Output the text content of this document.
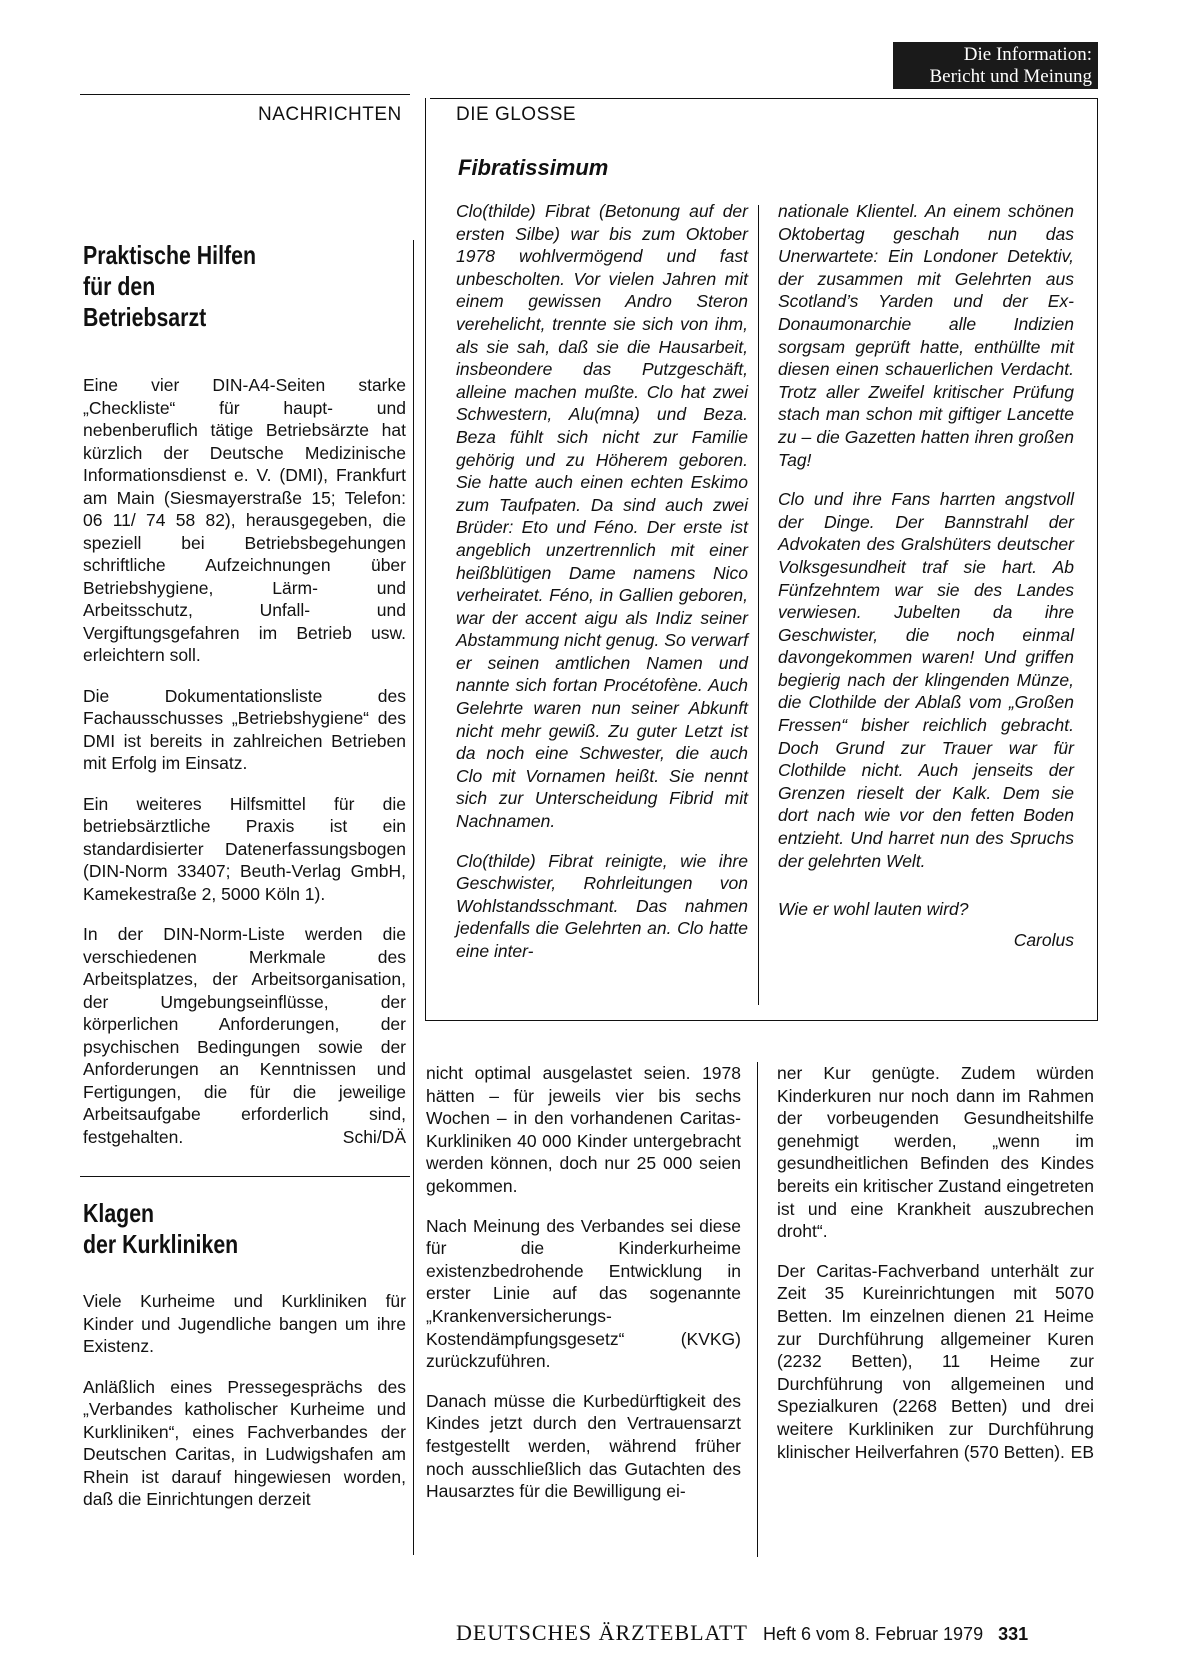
Die Information:
Bericht und Meinung
NACHRICHTEN	DIE GLOSSE
Praktische Hilfen
für den
Betriebsarzt

Eine vier DIN-A4-Seiten starke „Checkliste“ für haupt- und nebenberuflich tätige Betriebsärzte hat kürzlich der Deutsche Medizinische Informationsdienst e. V. (DMI), Frankfurt am Main (Siesmayerstraße 15; Telefon: 06 11/ 74 58 82), herausgegeben, die speziell bei Betriebsbegehungen schriftliche Aufzeichnungen über Betriebshygiene, Lärm- und Arbeitsschutz, Unfall- und Vergiftungsgefahren im Betrieb usw. erleichtern soll.

Die Dokumentationsliste des Fachausschusses „Betriebshygiene“ des DMI ist bereits in zahlreichen Betrieben mit Erfolg im Einsatz.

Ein weiteres Hilfsmittel für die betriebsärztliche Praxis ist ein standardisierter Datenerfassungsbogen (DIN-Norm 33407; Beuth-Verlag GmbH, Kamekestraße 2, 5000 Köln 1).

In der DIN-Norm-Liste werden die verschiedenen Merkmale des Arbeitsplatzes, der Arbeitsorganisation, der Umgebungseinflüsse, der körperlichen Anforderungen, der psychischen Bedingungen sowie der Anforderungen an Kenntnissen und Fertigungen, die für die jeweilige Arbeitsaufgabe erforderlich sind, festgehalten.	Schi/DÄ

Klagen
der Kurkliniken

Viele Kurheime und Kurkliniken für Kinder und Jugendliche bangen um ihre Existenz.

Anläßlich eines Pressegesprächs des „Verbandes katholischer Kurheime und Kurkliniken“, eines Fachverbandes der Deutschen Caritas, in Ludwigshafen am Rhein ist darauf hingewiesen worden, daß die Einrichtungen derzeit

Fibratissimum

Clo(thilde) Fibrat (Betonung auf der ersten Silbe) war bis zum Oktober 1978 wohlvermögend und fast unbescholten. Vor vielen Jahren mit einem gewissen Andro Steron verehelicht, trennte sie sich von ihm, als sie sah, daß sie die Hausarbeit, insbeondere das Putzgeschäft, alleine machen mußte. Clo hat zwei Schwestern, Alu(mna) und Beza. Beza fühlt sich nicht zur Familie gehörig und zu Höherem geboren. Sie hatte auch einen echten Eskimo zum Taufpaten. Da sind auch zwei Brüder: Eto und Féno. Der erste ist angeblich unzertrennlich mit einer heißblütigen Dame namens Nico verheiratet. Féno, in Gallien geboren, war der accent aigu als Indiz seiner Abstammung nicht genug. So verwarf er seinen amtlichen Namen und nannte sich fortan Procétofène. Auch Gelehrte waren nun seiner Abkunft nicht mehr gewiß. Zu guter Letzt ist da noch eine Schwester, die auch Clo mit Vornamen heißt. Sie nennt sich zur Unterscheidung Fibrid mit Nachnamen.

Clo(thilde) Fibrat reinigte, wie ihre Geschwister, Rohrleitungen von Wohlstandsschmant. Das nahmen jedenfalls die Gelehrten an. Clo hatte eine inter-

nationale Klientel. An einem schönen Oktobertag geschah nun das Unerwartete: Ein Londoner Detektiv, der zusammen mit Gelehrten aus Scotland’s Yarden und der Ex-Donaumonarchie alle Indizien sorgsam geprüft hatte, enthüllte mit diesen einen schauerlichen Verdacht. Trotz aller Zweifel kritischer Prüfung stach man schon mit giftiger Lancette zu – die Gazetten hatten ihren großen Tag!

Clo und ihre Fans harrten angstvoll der Dinge. Der Bannstrahl der Advokaten des Gralshüters deutscher Volksgesundheit traf sie hart. Ab Fünfzehntem war sie des Landes verwiesen. Jubelten da ihre Geschwister, die noch einmal davongekommen waren! Und griffen begierig nach der klingenden Münze, die Clothilde der Ablaß vom „Großen Fressen“ bisher reichlich gebracht. Doch Grund zur Trauer war für Clothilde nicht. Auch jenseits der Grenzen rieselt der Kalk. Dem sie dort nach wie vor den fetten Boden entzieht. Und harret nun des Spruchs der gelehrten Welt.

Wie er wohl lauten wird?

Carolus

nicht optimal ausgelastet seien. 1978 hätten – für jeweils vier bis sechs Wochen – in den vorhandenen Caritas-Kurkliniken 40 000 Kinder untergebracht werden können, doch nur 25 000 seien gekommen.

Nach Meinung des Verbandes sei diese für die Kinderkurheime existenzbedrohende Entwicklung in erster Linie auf das sogenannte „Krankenversicherungs-Kostendämpfungsgesetz“ (KVKG) zurückzuführen.

Danach müsse die Kurbedürftigkeit des Kindes jetzt durch den Vertrauensarzt festgestellt werden, während früher noch ausschließlich das Gutachten des Hausarztes für die Bewilligung ei-

ner Kur genügte. Zudem würden Kinderkuren nur noch dann im Rahmen der vorbeugenden Gesundheitshilfe genehmigt werden, „wenn im gesundheitlichen Befinden des Kindes bereits ein kritischer Zustand eingetreten ist und eine Krankheit auszubrechen droht“.

Der Caritas-Fachverband unterhält zur Zeit 35 Kureinrichtungen mit 5070 Betten. Im einzelnen dienen 21 Heime zur Durchführung allgemeiner Kuren (2232 Betten), 11 Heime zur Durchführung von allgemeinen und Spezialkuren (2268 Betten) und drei weitere Kurkliniken zur Durchführung klinischer Heilverfahren (570 Betten). EB

DEUTSCHES ÄRZTEBLATT Heft 6 vom 8. Februar 1979 331
